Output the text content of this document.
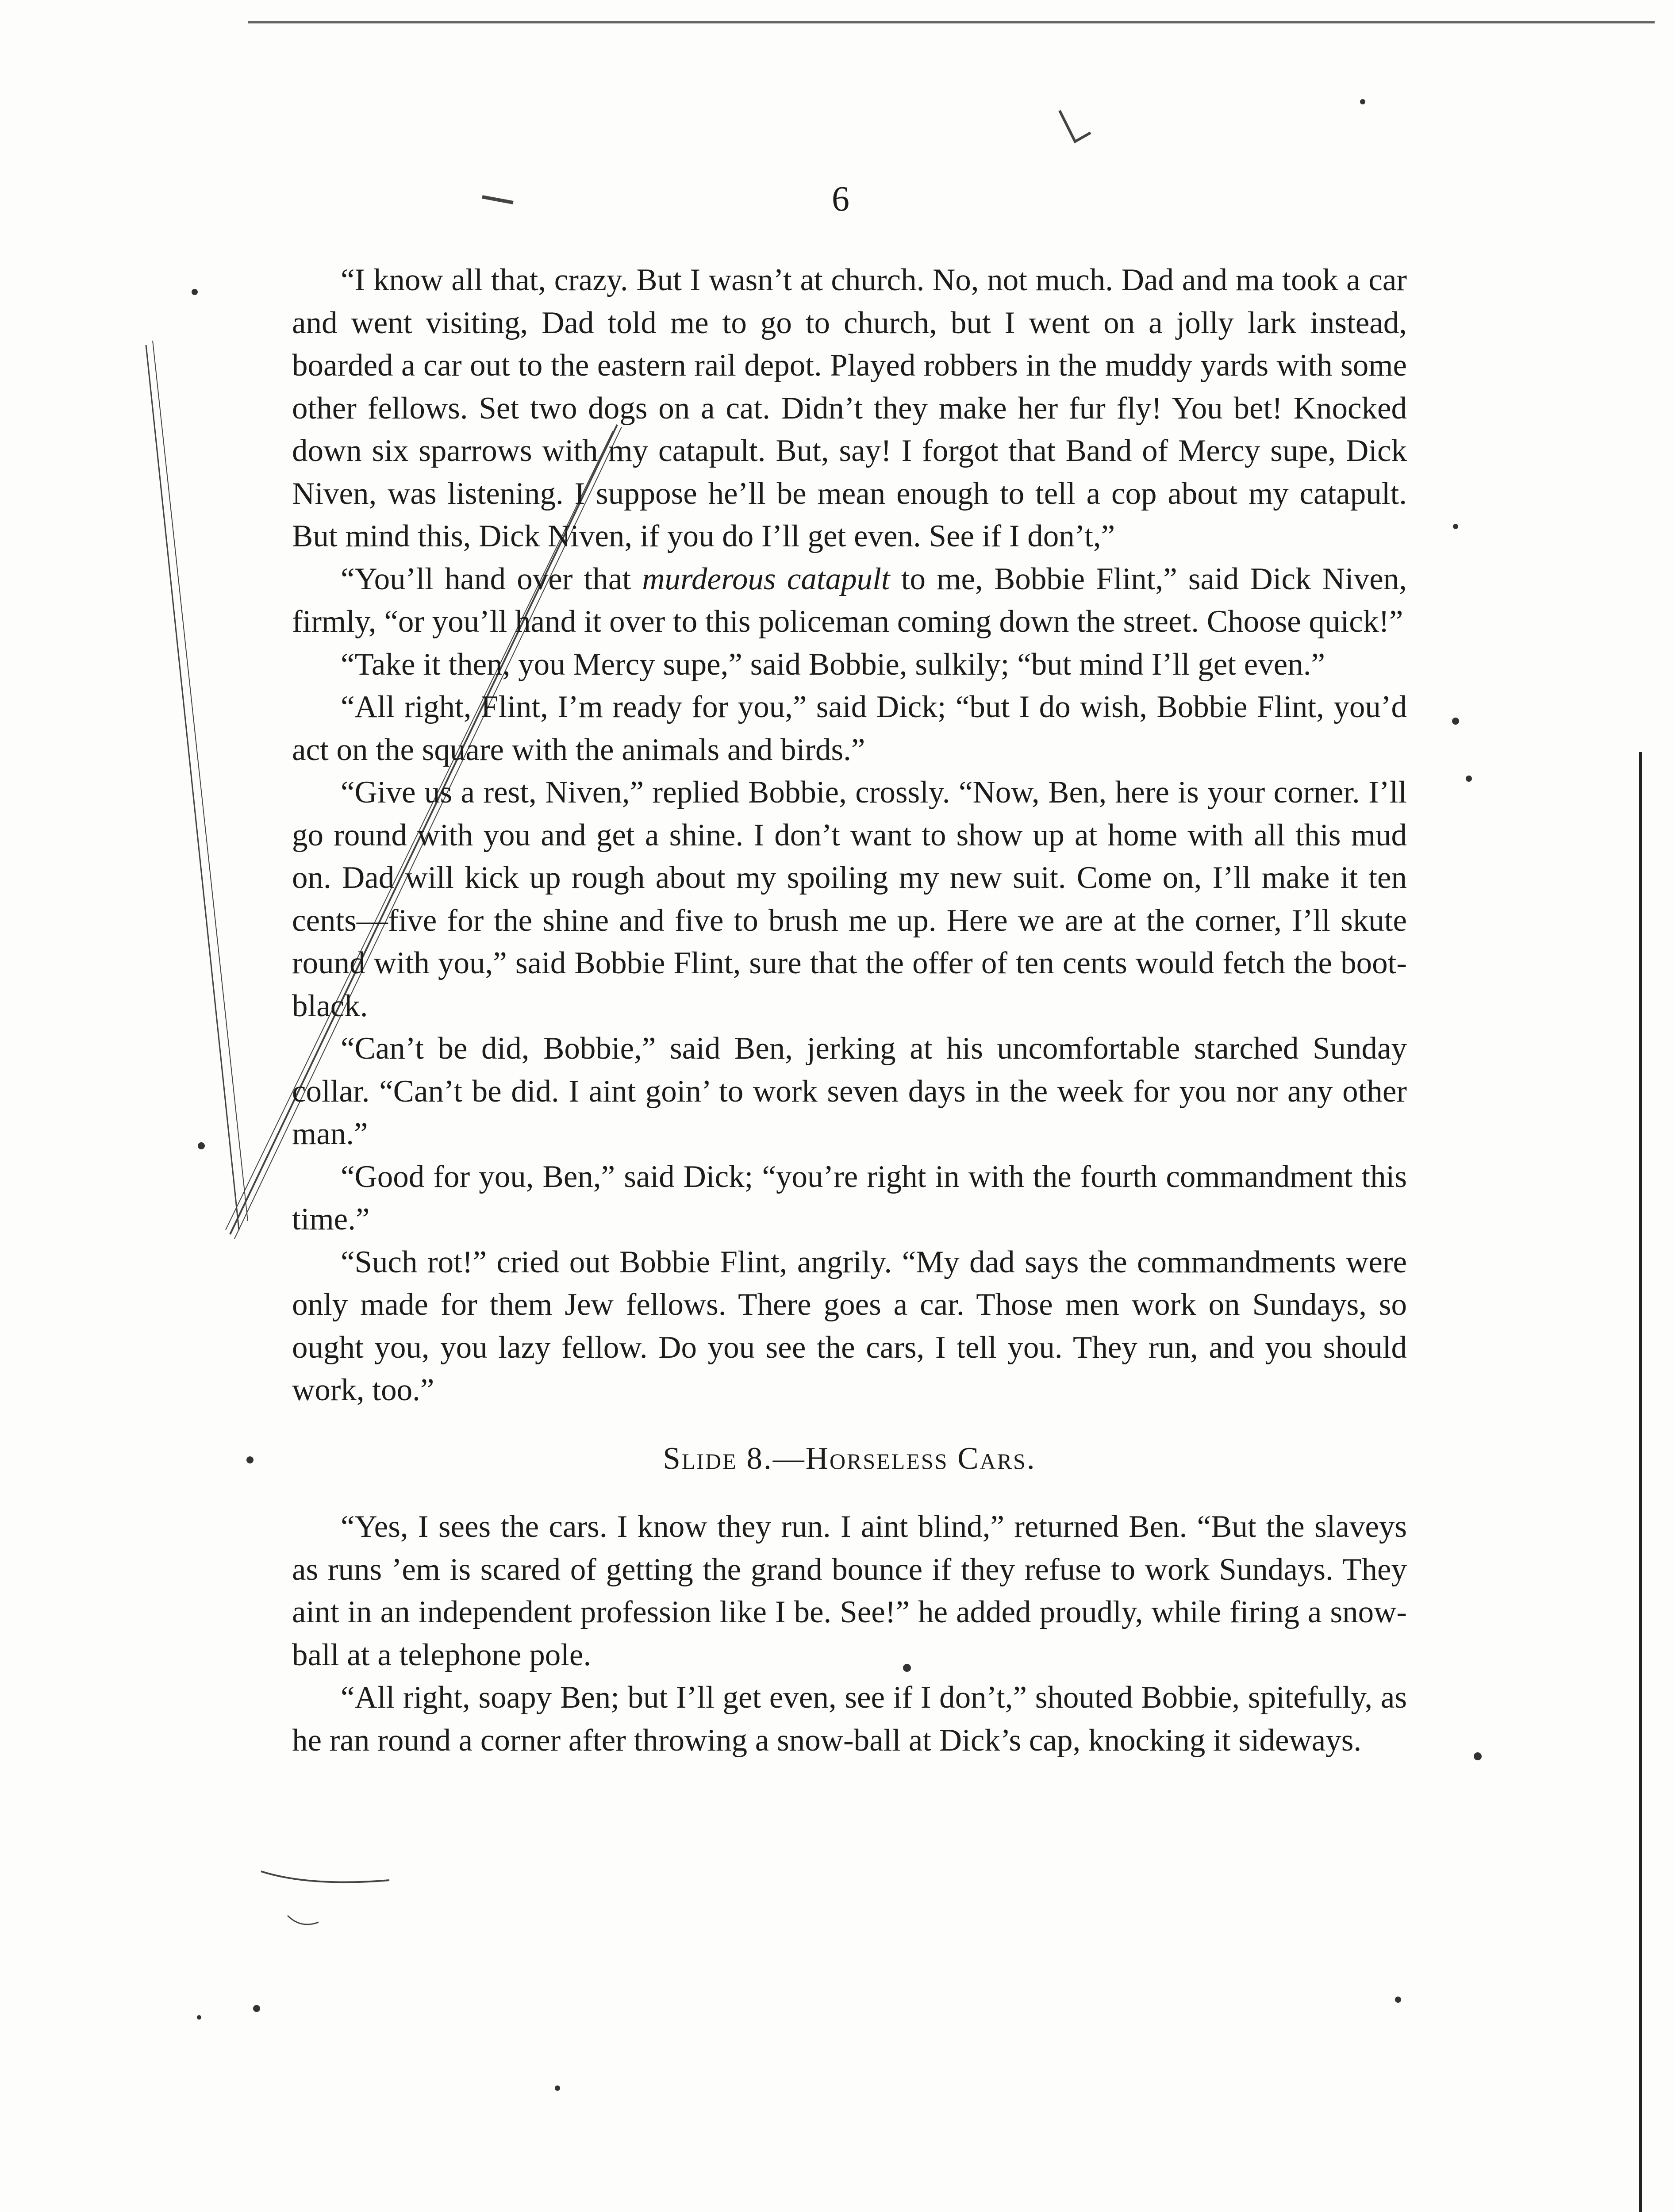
6

“I know all that, crazy. But I wasn’t at church. No, not much. Dad and ma took a car and went visiting, Dad told me to go to church, but I went on a jolly lark instead, boarded a car out to the eastern rail depot. Played robbers in the muddy yards with some other fellows. Set two dogs on a cat. Didn’t they make her fur fly! You bet! Knocked down six sparrows with my catapult. But, say! I forgot that Band of Mercy supe, Dick Niven, was listening. I suppose he’ll be mean enough to tell a cop about my catapult. But mind this, Dick Niven, if you do I’ll get even. See if I don’t,”

“You’ll hand over that murderous catapult to me, Bobbie Flint,” said Dick Niven, firmly, “or you’ll hand it over to this policeman coming down the street. Choose quick!”

“Take it then, you Mercy supe,” said Bobbie, sulkily; “but mind I’ll get even.”

“All right, Flint, I’m ready for you,” said Dick; “but I do wish, Bobbie Flint, you’d act on the square with the animals and birds.”

“Give us a rest, Niven,” replied Bobbie, crossly. “Now, Ben, here is your corner. I’ll go round with you and get a shine. I don’t want to show up at home with all this mud on. Dad will kick up rough about my spoiling my new suit. Come on, I’ll make it ten cents—five for the shine and five to brush me up. Here we are at the corner, I’ll skute round with you,” said Bobbie Flint, sure that the offer of ten cents would fetch the boot-black.

“Can’t be did, Bobbie,” said Ben, jerking at his uncomfortable starched Sunday collar. “Can’t be did. I aint goin’ to work seven days in the week for you nor any other man.”

“Good for you, Ben,” said Dick; “you’re right in with the fourth commandment this time.”

“Such rot!” cried out Bobbie Flint, angrily. “My dad says the commandments were only made for them Jew fellows. There goes a car. Those men work on Sundays, so ought you, you lazy fellow. Do you see the cars, I tell you. They run, and you should work, too.”

Slide 8.—Horseless Cars.

“Yes, I sees the cars. I know they run. I aint blind,” returned Ben. “But the slaveys as runs ’em is scared of getting the grand bounce if they refuse to work Sundays. They aint in an independent profession like I be. See!” he added proudly, while firing a snow-ball at a telephone pole.

“All right, soapy Ben; but I’ll get even, see if I don’t,” shouted Bobbie, spitefully, as he ran round a corner after throwing a snow-ball at Dick’s cap, knocking it sideways.
